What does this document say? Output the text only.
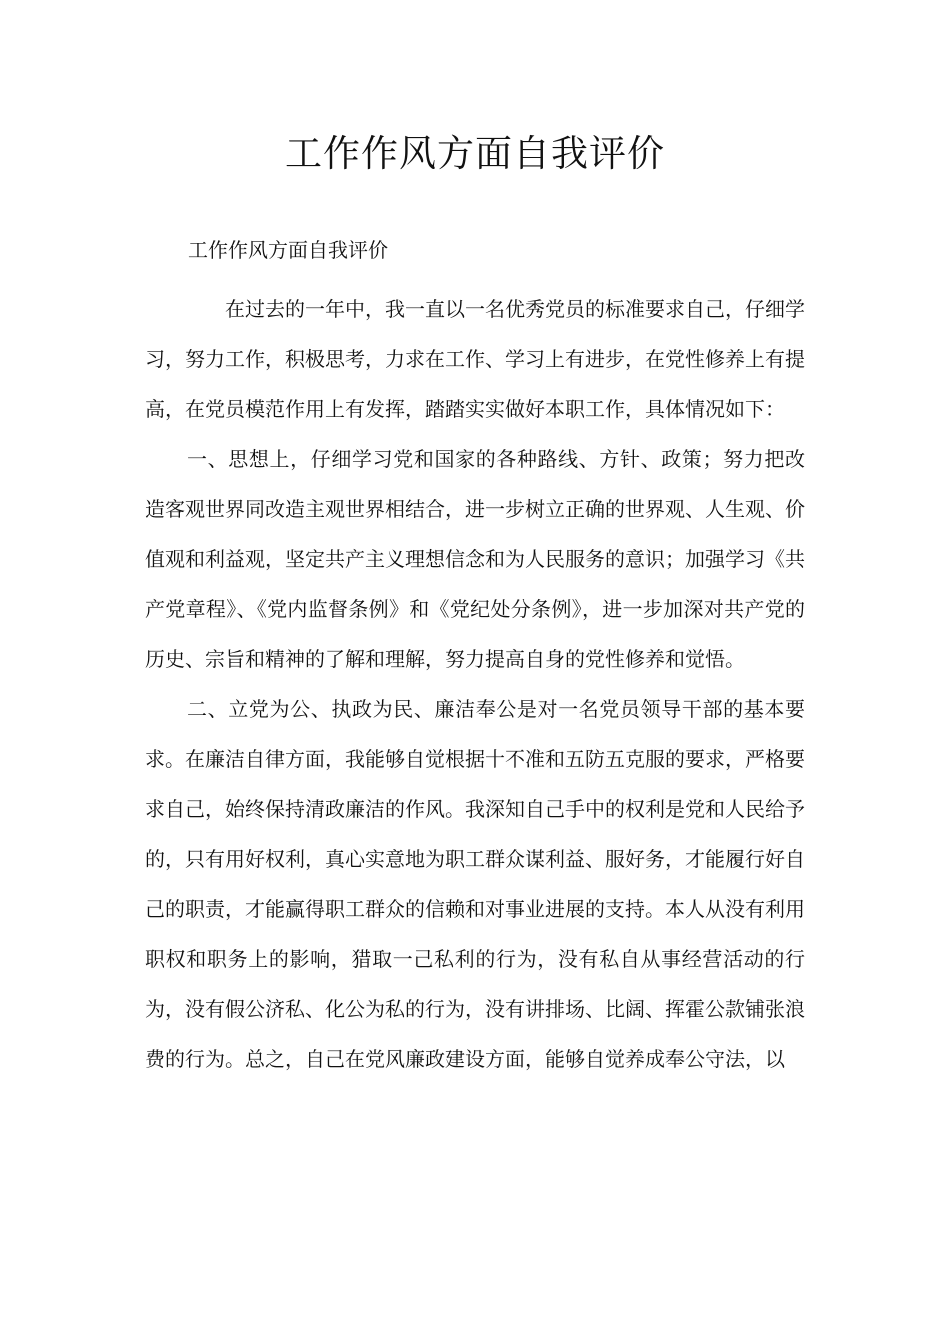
工作作风方面自我评价

工作作风方面自我评价

在过去的一年中，我一直以一名优秀党员的标准要求自己，仔细学习，努力工作，积极思考，力求在工作、学习上有进步，在党性修养上有提高，在党员模范作用上有发挥，踏踏实实做好本职工作，具体情况如下：

一、思想上，仔细学习党和国家的各种路线、方针、政策；努力把改造客观世界同改造主观世界相结合，进一步树立正确的世界观、人生观、价值观和利益观，坚定共产主义理想信念和为人民服务的意识；加强学习《共产党章程》、《党内监督条例》和《党纪处分条例》，进一步加深对共产党的历史、宗旨和精神的了解和理解，努力提高自身的党性修养和觉悟。

二、立党为公、执政为民、廉洁奉公是对一名党员领导干部的基本要求。在廉洁自律方面，我能够自觉根据十不准和五防五克服的要求，严格要求自己，始终保持清政廉洁的作风。我深知自己手中的权利是党和人民给予的，只有用好权利，真心实意地为职工群众谋利益、服好务，才能履行好自己的职责，才能赢得职工群众的信赖和对事业进展的支持。本人从没有利用职权和职务上的影响，猎取一己私利的行为，没有私自从事经营活动的行为，没有假公济私、化公为私的行为，没有讲排场、比阔、挥霍公款铺张浪费的行为。总之，自己在党风廉政建设方面，能够自觉养成奉公守法，以
